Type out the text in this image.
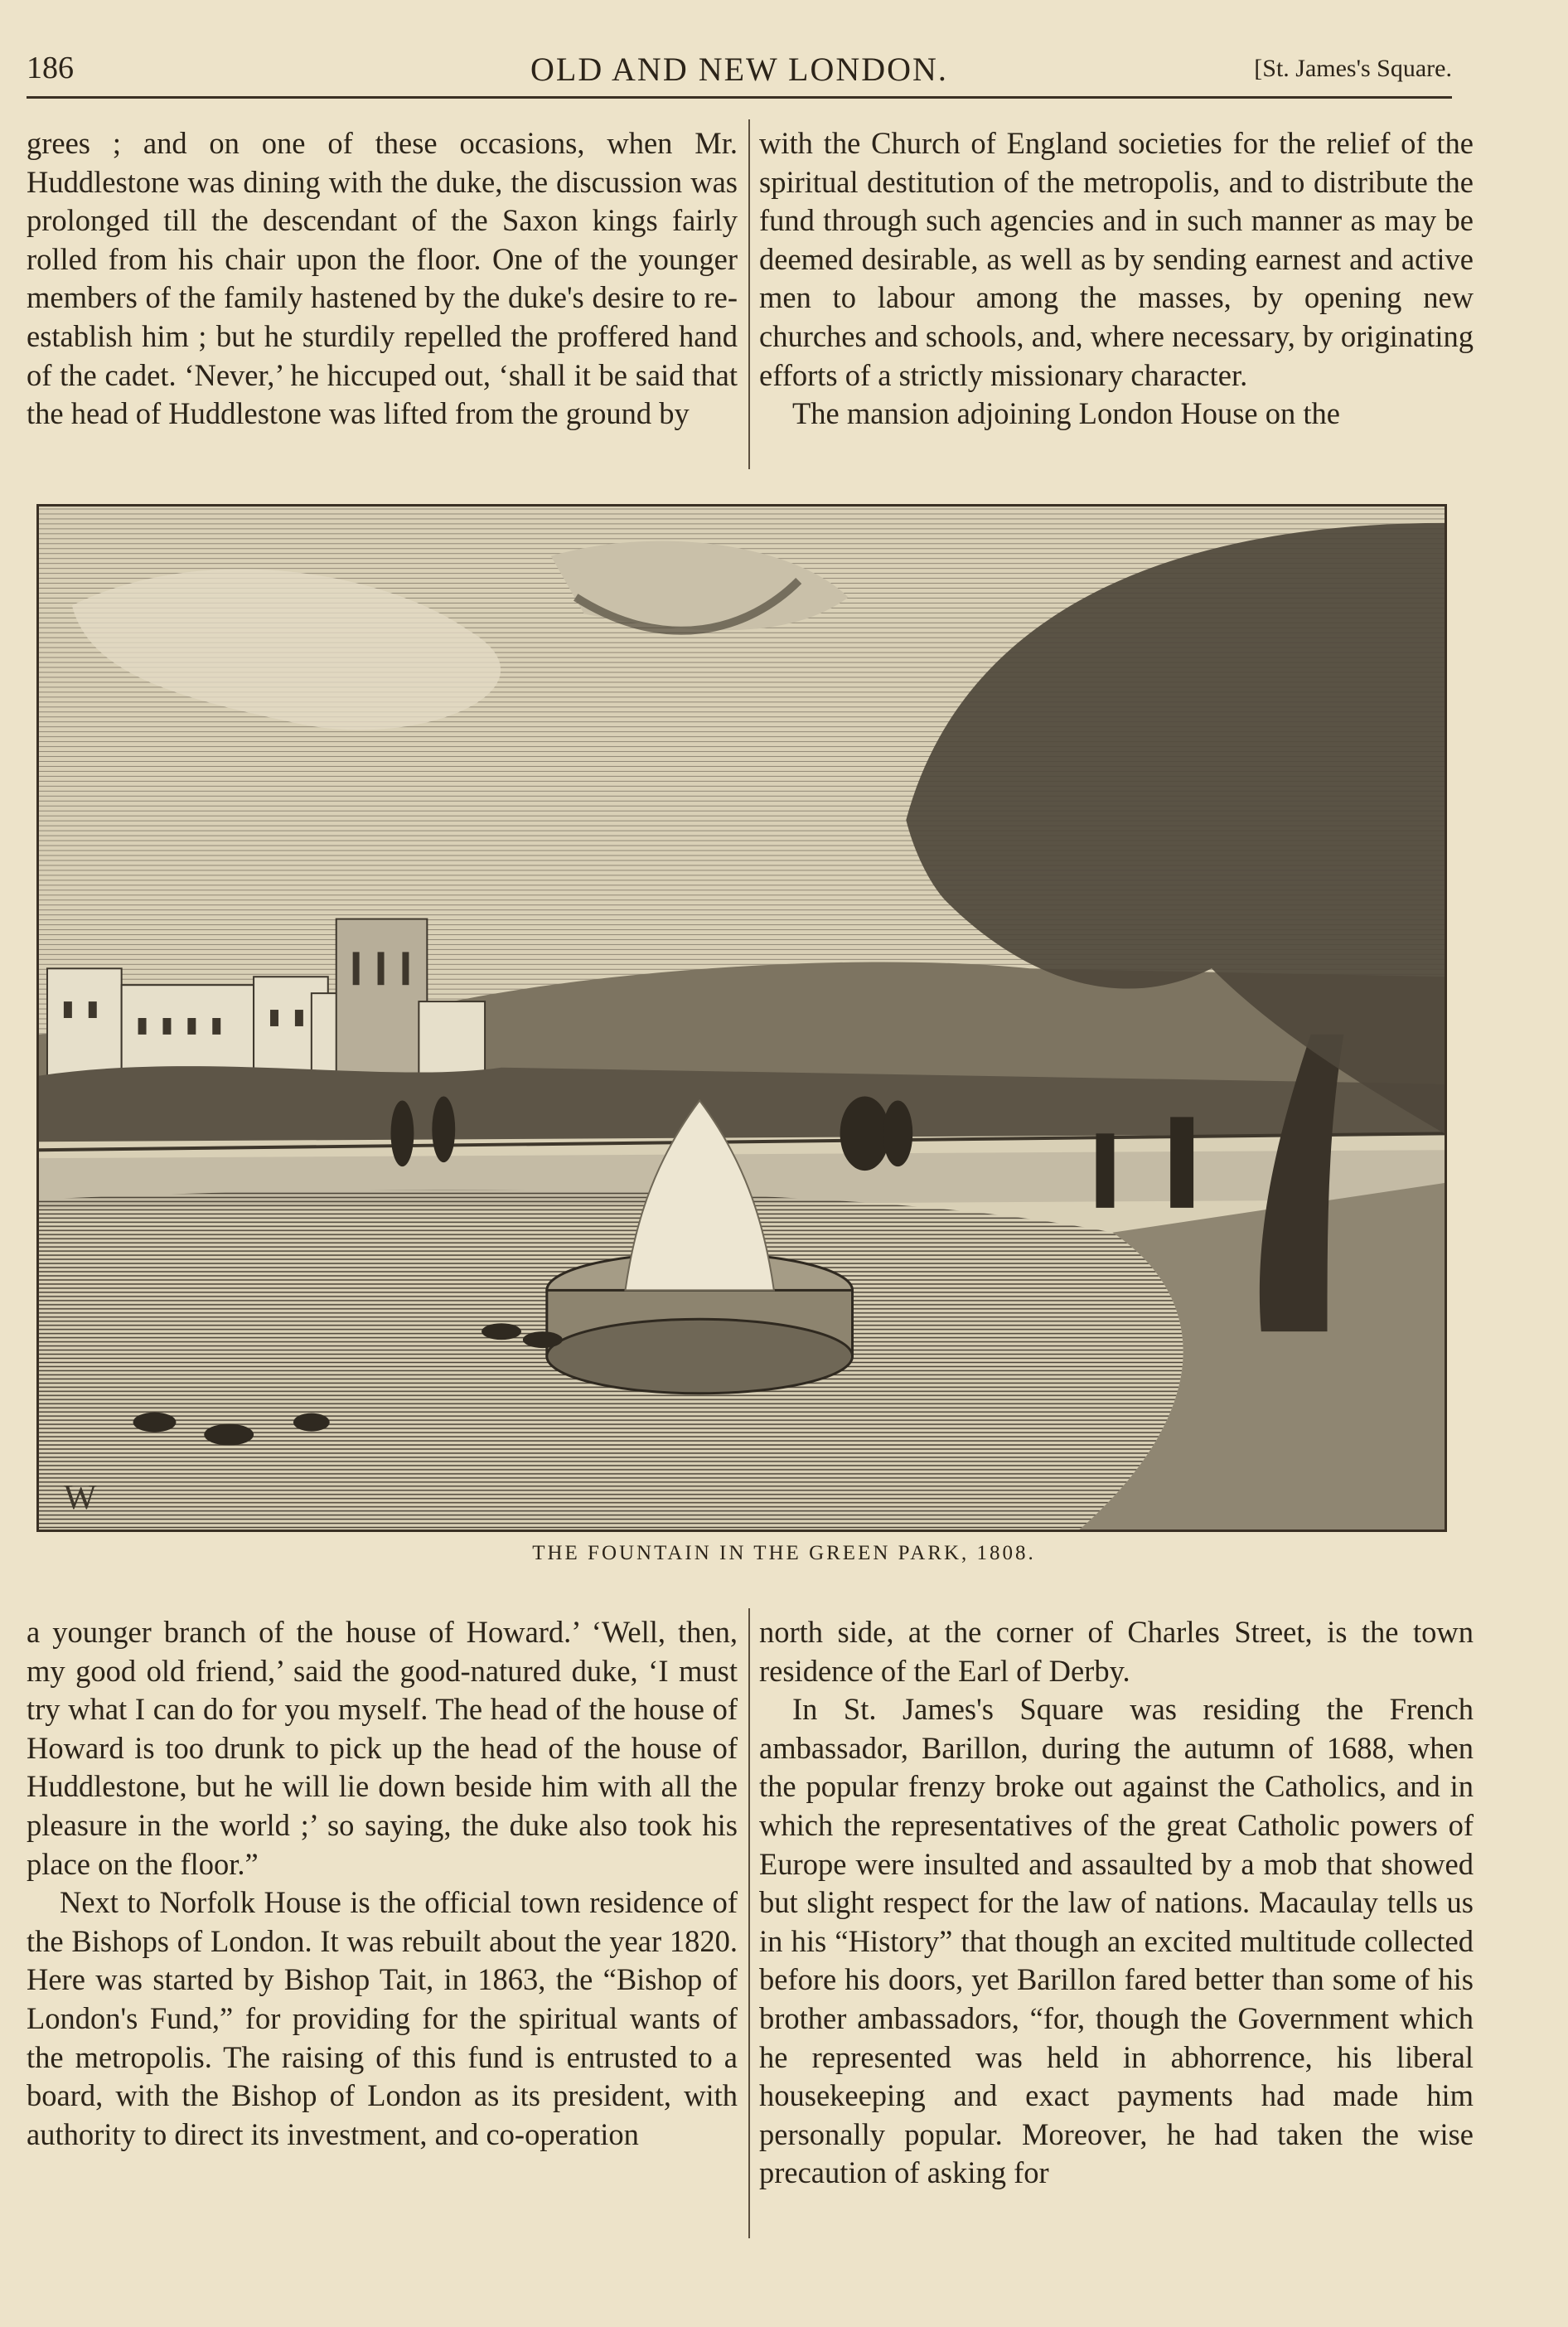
186	OLD AND NEW LONDON.	[St. James's Square.

grees ; and on one of these occasions, when Mr. Huddlestone was dining with the duke, the discussion was prolonged till the descendant of the Saxon kings fairly rolled from his chair upon the floor. One of the younger members of the family hastened by the duke's desire to re-establish him ; but he sturdily repelled the proffered hand of the cadet. ‘Never,’ he hiccuped out, ‘shall it be said that the head of Huddlestone was lifted from the ground by

with the Church of England societies for the relief of the spiritual destitution of the metropolis, and to distribute the fund through such agencies and in such manner as may be deemed desirable, as well as by sending earnest and active men to labour among the masses, by opening new churches and schools, and, where necessary, by originating efforts of a strictly missionary character.

The mansion adjoining London House on the

W
THE FOUNTAIN IN THE GREEN PARK, 1808.

a younger branch of the house of Howard.’ ‘Well, then, my good old friend,’ said the good-natured duke, ‘I must try what I can do for you myself. The head of the house of Howard is too drunk to pick up the head of the house of Huddlestone, but he will lie down beside him with all the pleasure in the world ;’ so saying, the duke also took his place on the floor.”

Next to Norfolk House is the official town residence of the Bishops of London. It was rebuilt about the year 1820. Here was started by Bishop Tait, in 1863, the “Bishop of London's Fund,” for providing for the spiritual wants of the metropolis. The raising of this fund is entrusted to a board, with the Bishop of London as its president, with authority to direct its investment, and co-operation

north side, at the corner of Charles Street, is the town residence of the Earl of Derby.

In St. James's Square was residing the French ambassador, Barillon, during the autumn of 1688, when the popular frenzy broke out against the Catholics, and in which the representatives of the great Catholic powers of Europe were insulted and assaulted by a mob that showed but slight respect for the law of nations. Macaulay tells us in his “History” that though an excited multitude collected before his doors, yet Barillon fared better than some of his brother ambassadors, “for, though the Government which he represented was held in abhorrence, his liberal housekeeping and exact payments had made him personally popular. Moreover, he had taken the wise precaution of asking for
